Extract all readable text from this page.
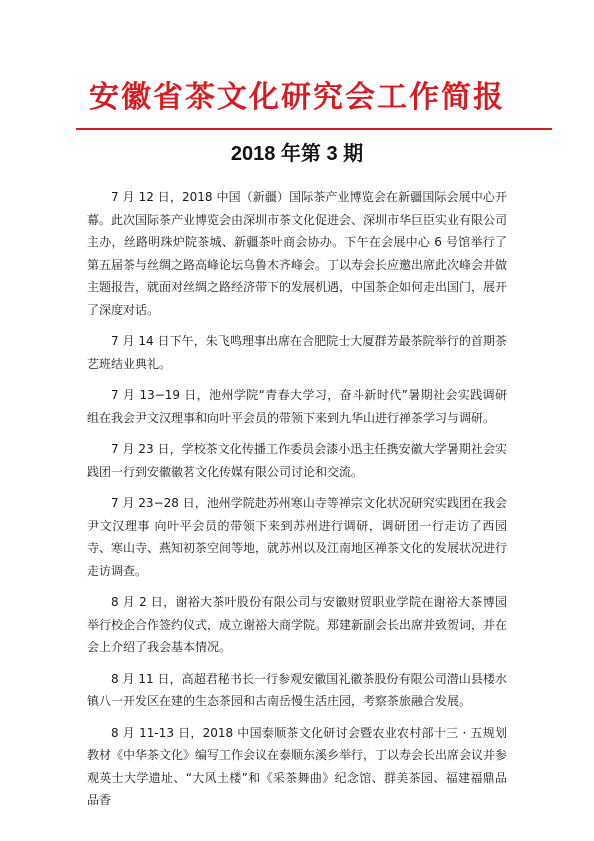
安徽省茶文化研究会工作简报
2018 年第 3 期

7 月 12 日，2018 中国（新疆）国际茶产业博览会在新疆国际会展中心开幕。此次国际茶产业博览会由深圳市茶文化促进会、深圳市华巨臣实业有限公司主办，丝路明珠炉院茶城、新疆茶叶商会协办。下午在会展中心 6 号馆举行了第五届茶与丝绸之路高峰论坛乌鲁木齐峰会。丁以寿会长应邀出席此次峰会并做主题报告，就面对丝绸之路经济带下的发展机遇，中国茶企如何走出国门，展开了深度对话。

7 月 14 日下午，朱飞鸣理事出席在合肥院士大厦群芳最茶院举行的首期茶艺班结业典礼。

7 月 13−19 日，池州学院“青春大学习，奋斗新时代”暑期社会实践调研组在我会尹文汉理事和向叶平会员的带领下来到九华山进行禅茶学习与调研。

7 月 23 日，学校茶文化传播工作委员会漆小迅主任携安徽大学暑期社会实践团一行到安徽徽茗文化传媒有限公司讨论和交流。

7 月 23−28 日，池州学院赴苏州寒山寺等禅宗文化状况研究实践团在我会尹文汉理事 向叶平会员的带领下来到苏州进行调研，调研团一行走访了西园寺、寒山寺、燕知初茶空间等地，就苏州以及江南地区禅茶文化的发展状况进行走访调查。

8 月 2 日，谢裕大茶叶股份有限公司与安徽财贸职业学院在谢裕大茶博园举行校企合作签约仪式，成立谢裕大商学院。郑建新副会长出席并致贺词，并在会上介绍了我会基本情况。

8 月 11 日，高超君秘书长一行参观安徽国礼徽茶股份有限公司潜山县楼水镇八一开发区在建的生态茶园和古南岳慢生活庄园，考察茶旅融合发展。

8 月 11-13 日，2018 中国泰顺茶文化研讨会暨农业农村部十三 · 五规划教材《中华茶文化》编写工作会议在泰顺东溪乡举行，丁以寿会长出席会议并参观英士大学遗址、“大风土楼”和《采茶舞曲》纪念馆、群美茶园、福建福鼎品品香
